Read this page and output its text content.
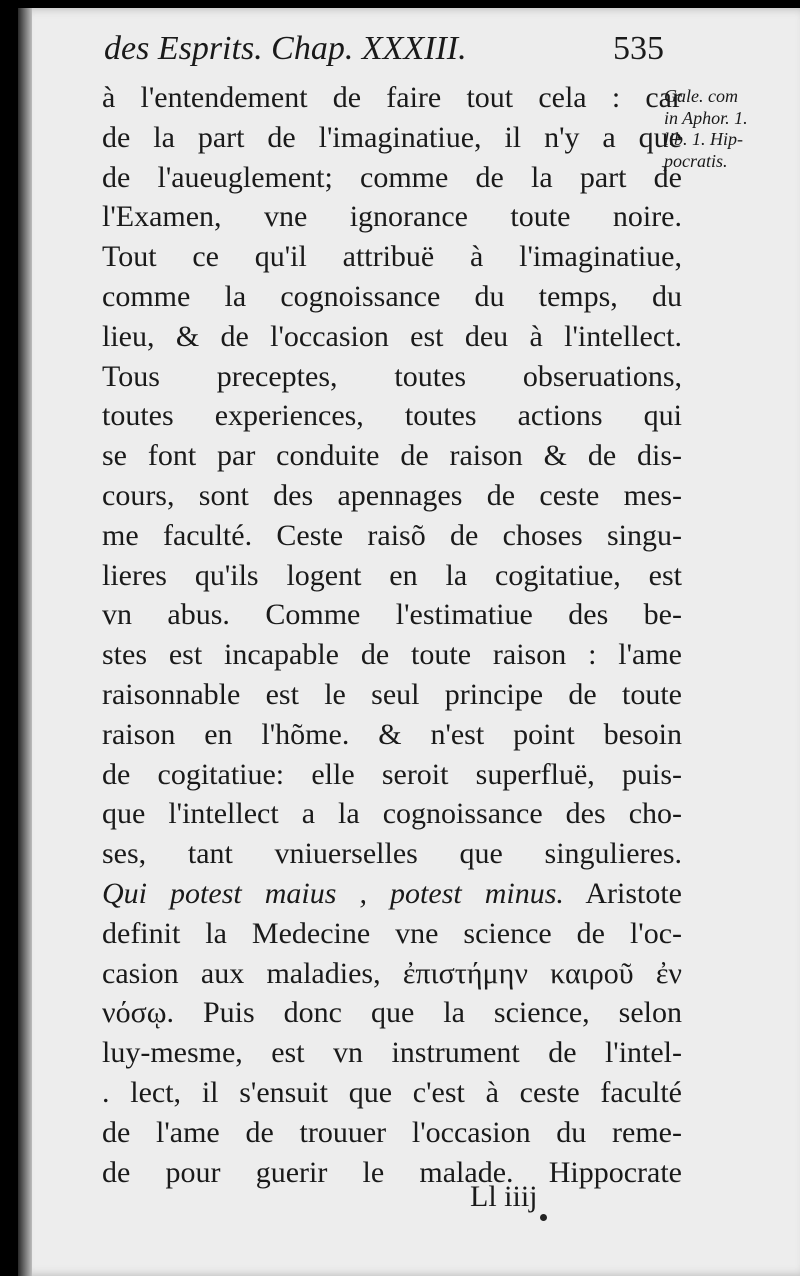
des Esprits. Chap. XXXIII.	535
à l'entendement de faire tout cela : car
de la part de l'imaginatiue, il n'y a que
de l'aueuglement; comme de la part de
l'Examen, vne ignorance toute noire.
Tout ce qu'il attribuë à l'imaginatiue,
comme la cognoissance du temps, du
lieu, & de l'occasion est deu à l'intellect.
Tous preceptes, toutes obseruations,
toutes experiences, toutes actions qui
se font par conduite de raison & de dis-
cours, sont des apennages de ceste mes-
me faculté. Ceste raisõ de choses singu-
lieres qu'ils logent en la cogitatiue, est
vn abus. Comme l'estimatiue des be-
stes est incapable de toute raison : l'ame
raisonnable est le seul principe de toute
raison en l'hõme. & n'est point besoin
de cogitatiue: elle seroit superfluë, puis-
que l'intellect a la cognoissance des cho-
ses, tant vniuerselles que singulieres.
Qui potest maius , potest minus. Aristote
definit la Medecine vne science de l'oc-
casion aux maladies, ἐπιστήμην καιροῦ ἐν
νόσῳ. Puis donc que la science, selon
luy-mesme, est vn instrument de l'intel-
. lect, il s'ensuit que c'est à ceste faculté
de l'ame de trouuer l'occasion du reme-
de pour guerir le malade. Hippocrate
Gale. com
in Aphor. 1.
lib. 1. Hip-
pocratis.
Ll iiij
